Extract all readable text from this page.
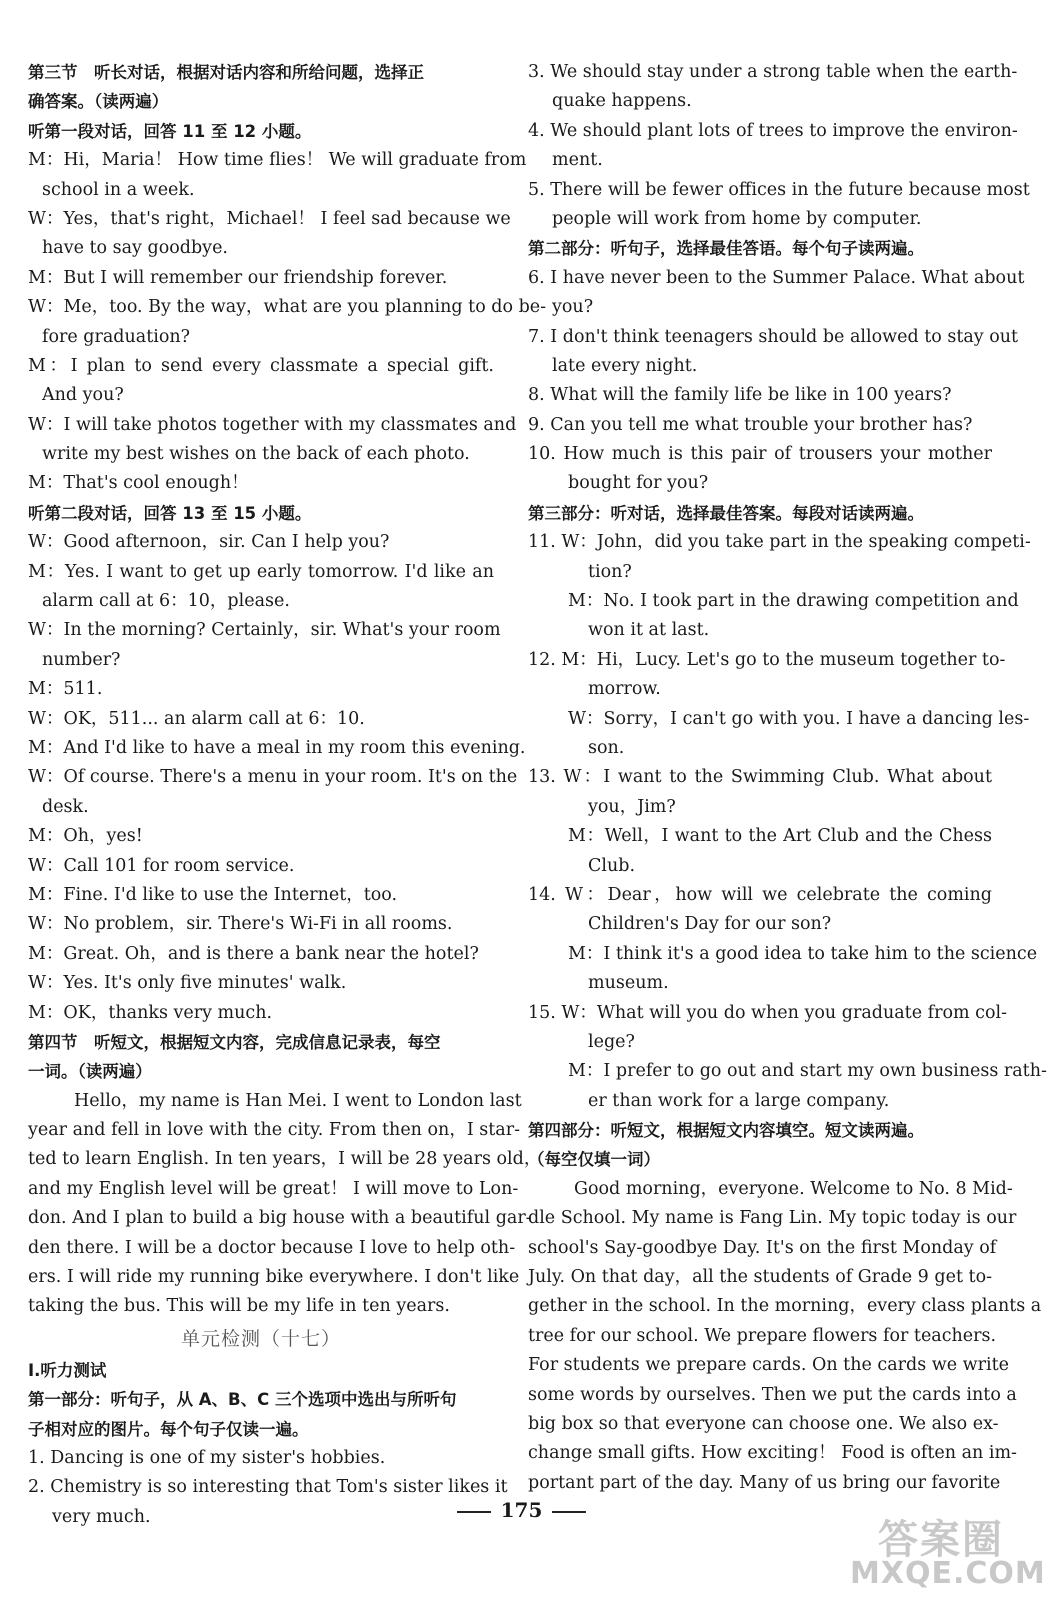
第三节　听长对话，根据对话内容和所给问题，选择正
确答案。（读两遍）
听第一段对话，回答 11 至 12 小题。
M：Hi，Maria！ How time flies！ We will graduate from
school in a week.
W：Yes，that's right，Michael！ I feel sad because we
have to say goodbye.
M：But I will remember our friendship forever.
W：Me，too. By the way，what are you planning to do be-
fore graduation?
M：I plan to send every classmate a special gift.
And you?
W：I will take photos together with my classmates and
write my best wishes on the back of each photo.
M：That's cool enough！
听第二段对话，回答 13 至 15 小题。
W：Good afternoon，sir. Can I help you?
M：Yes. I want to get up early tomorrow. I'd like an
alarm call at 6：10，please.
W：In the morning? Certainly，sir. What's your room
number?
M：511.
W：OK，511... an alarm call at 6：10.
M：And I'd like to have a meal in my room this evening.
W：Of course. There's a menu in your room. It's on the
desk.
M：Oh，yes!
W：Call 101 for room service.
M：Fine. I'd like to use the Internet，too.
W：No problem，sir. There's Wi-Fi in all rooms.
M：Great. Oh，and is there a bank near the hotel?
W：Yes. It's only five minutes' walk.
M：OK，thanks very much.
第四节　听短文，根据短文内容，完成信息记录表，每空
一词。（读两遍）
Hello，my name is Han Mei. I went to London last
year and fell in love with the city. From then on，I star-
ted to learn English. In ten years，I will be 28 years old，
and my English level will be great！ I will move to Lon-
don. And I plan to build a big house with a beautiful gar-
den there. I will be a doctor because I love to help oth-
ers. I will ride my running bike everywhere. I don't like
taking the bus. This will be my life in ten years.
单元检测（十七）
Ⅰ.听力测试
第一部分：听句子，从 A、B、C 三个选项中选出与所听句
子相对应的图片。每个句子仅读一遍。
1. Dancing is one of my sister's hobbies.
2. Chemistry is so interesting that Tom's sister likes it
very much.
3. We should stay under a strong table when the earth-
quake happens.
4. We should plant lots of trees to improve the environ-
ment.
5. There will be fewer offices in the future because most
people will work from home by computer.
第二部分：听句子，选择最佳答语。每个句子读两遍。
6. I have never been to the Summer Palace. What about
you?
7. I don't think teenagers should be allowed to stay out
late every night.
8. What will the family life be like in 100 years?
9. Can you tell me what trouble your brother has?
10. How much is this pair of trousers your mother
bought for you?
第三部分：听对话，选择最佳答案。每段对话读两遍。
11. W：John，did you take part in the speaking competi-
tion?
M：No. I took part in the drawing competition and
won it at last.
12. M：Hi，Lucy. Let's go to the museum together to-
morrow.
W：Sorry，I can't go with you. I have a dancing les-
son.
13. W：I want to the Swimming Club. What about
you，Jim?
M：Well，I want to the Art Club and the Chess
Club.
14. W：Dear，how will we celebrate the coming
Children's Day for our son?
M：I think it's a good idea to take him to the science
museum.
15. W：What will you do when you graduate from col-
lege?
M：I prefer to go out and start my own business rath-
er than work for a large company.
第四部分：听短文，根据短文内容填空。短文读两遍。
（每空仅填一词）
Good morning，everyone. Welcome to No. 8 Mid-
dle School. My name is Fang Lin. My topic today is our
school's Say-goodbye Day. It's on the first Monday of
July. On that day，all the students of Grade 9 get to-
gether in the school. In the morning，every class plants a
tree for our school. We prepare flowers for teachers.
For students we prepare cards. On the cards we write
some words by ourselves. Then we put the cards into a
big box so that everyone can choose one. We also ex-
change small gifts. How exciting！ Food is often an im-
portant part of the day. Many of us bring our favorite
175
答案圈
MXQE.COM
